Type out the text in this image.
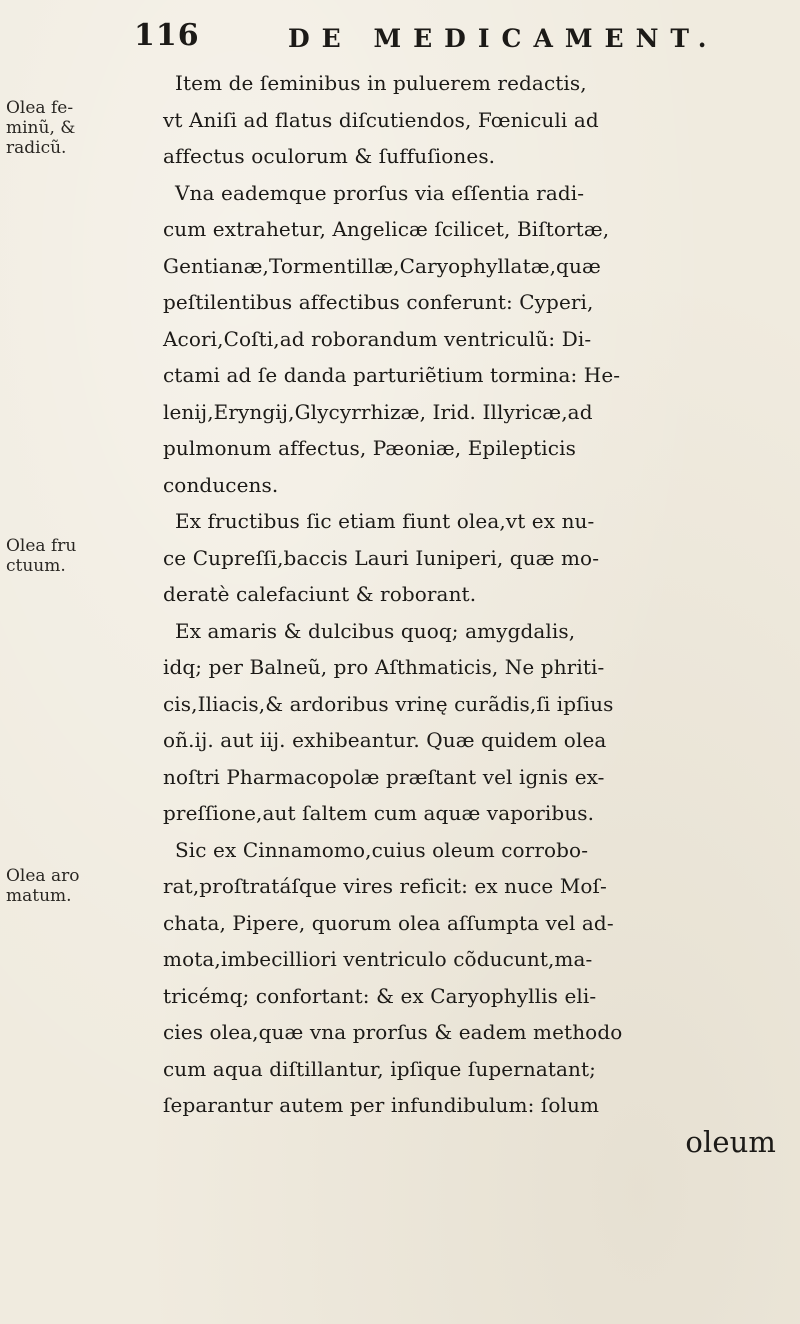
116	DE MEDICAMENT.
Olea fe-
minũ, &
radicũ.
Olea fru
ctuum.
Olea aro
matum.
Item de ſeminibus in puluerem redactis,
vt Aniſi ad flatus diſcutiendos, Fœniculi ad
affectus oculorum & ſuffuſiones.
Vna eademque prorſus via eſſentia radi-
cum extrahetur, Angelicæ ſcilicet, Biſtortæ,
Gentianæ,Tormentillæ,Caryophyllatæ,quæ
peſtilentibus affectibus conferunt: Cyperi,
Acori,Coſti,ad roborandum ventriculũ: Di-
ctami ad ſe danda parturiẽtium tormina: He-
lenij,Eryngij,Glycyrrhizæ, Irid. Illyricæ,ad
pulmonum affectus, Pæoniæ, Epilepticis
conducens.
Ex fructibus ſic etiam fiunt olea,vt ex nu-
ce Cupreſſi,baccis Lauri Iuniperi, quæ mo-
deratè calefaciunt & roborant.
Ex amaris & dulcibus quoq; amygdalis,
idq; per Balneũ, pro Aſthmaticis, Ne phriti-
cis,Iliacis,& ardoribus vrinę curãdis,ſi ipſius
oñ.ij. aut iij. exhibeantur. Quæ quidem olea
noſtri Pharmacopolæ præſtant vel ignis ex-
preſſione,aut ſaltem cum aquæ vaporibus.
Sic ex Cinnamomo,cuius oleum corrobo-
rat,proſtratáſque vires reficit: ex nuce Moſ-
chata, Pipere, quorum olea aſſumpta vel ad-
mota,imbecilliori ventriculo cõducunt,ma-
tricémq; confortant: & ex Caryophyllis eli-
cies olea,quæ vna prorſus & eadem methodo
cum aqua diſtillantur, ipſique ſupernatant;
ſeparantur autem per infundibulum: ſolum
oleum
